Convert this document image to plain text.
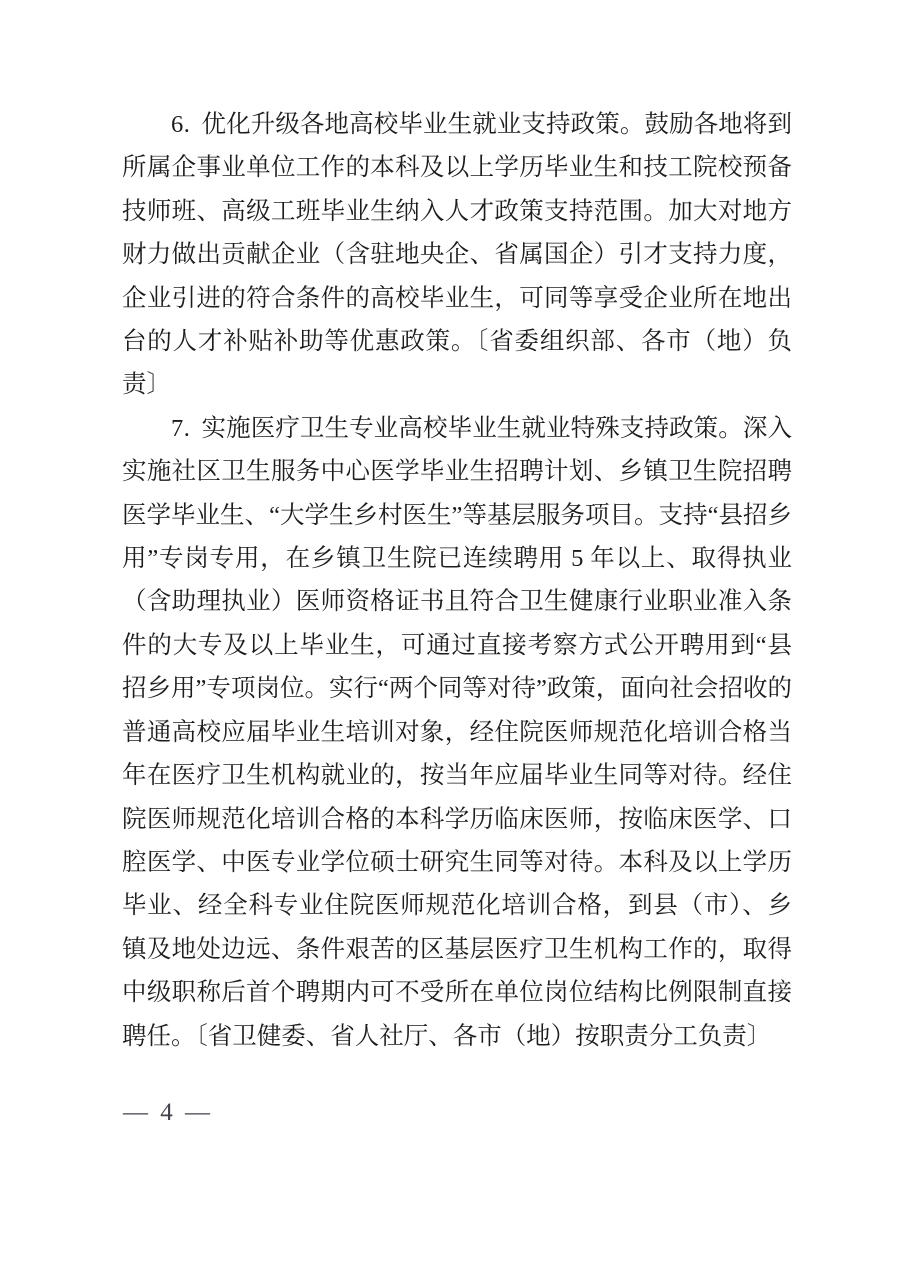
6. 优化升级各地高校毕业生就业支持政策。鼓励各地将到所属企事业单位工作的本科及以上学历毕业生和技工院校预备技师班、高级工班毕业生纳入人才政策支持范围。加大对地方财力做出贡献企业（含驻地央企、省属国企）引才支持力度，企业引进的符合条件的高校毕业生，可同等享受企业所在地出台的人才补贴补助等优惠政策。〔省委组织部、各市（地）负责〕

7. 实施医疗卫生专业高校毕业生就业特殊支持政策。深入实施社区卫生服务中心医学毕业生招聘计划、乡镇卫生院招聘医学毕业生、“大学生乡村医生”等基层服务项目。支持“县招乡用”专岗专用，在乡镇卫生院已连续聘用 5 年以上、取得执业（含助理执业）医师资格证书且符合卫生健康行业职业准入条件的大专及以上毕业生，可通过直接考察方式公开聘用到“县招乡用”专项岗位。实行“两个同等对待”政策，面向社会招收的普通高校应届毕业生培训对象，经住院医师规范化培训合格当年在医疗卫生机构就业的，按当年应届毕业生同等对待。经住院医师规范化培训合格的本科学历临床医师，按临床医学、口腔医学、中医专业学位硕士研究生同等对待。本科及以上学历毕业、经全科专业住院医师规范化培训合格，到县（市）、乡镇及地处边远、条件艰苦的区基层医疗卫生机构工作的，取得中级职称后首个聘期内可不受所在单位岗位结构比例限制直接聘任。〔省卫健委、省人社厅、各市（地）按职责分工负责〕

— 4 —
